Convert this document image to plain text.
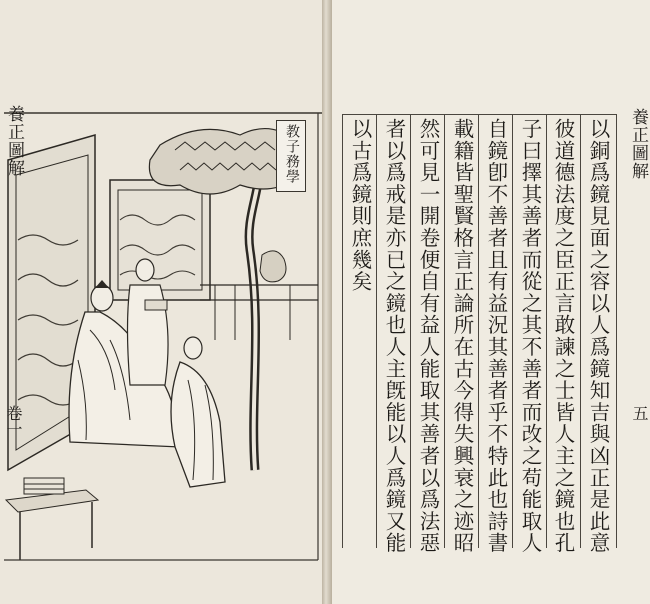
養正圖解
卷一
教子務學	以銅爲鏡見面之容以人爲鏡知吉與凶正是此意
彼道德法度之臣正言敢諫之士皆人主之鏡也孔
子曰擇其善者而從之其不善者而改之苟能取人
自鏡卽不善者且有益況其善者乎不特此也詩書
載籍皆聖賢格言正論所在古今得失興衰之迹昭
然可見一開卷便自有益人能取其善者以爲法惡
者以爲戒是亦已之鏡也人主旣能以人爲鏡又能
以古爲鏡則庶幾矣	養正圖解
五
